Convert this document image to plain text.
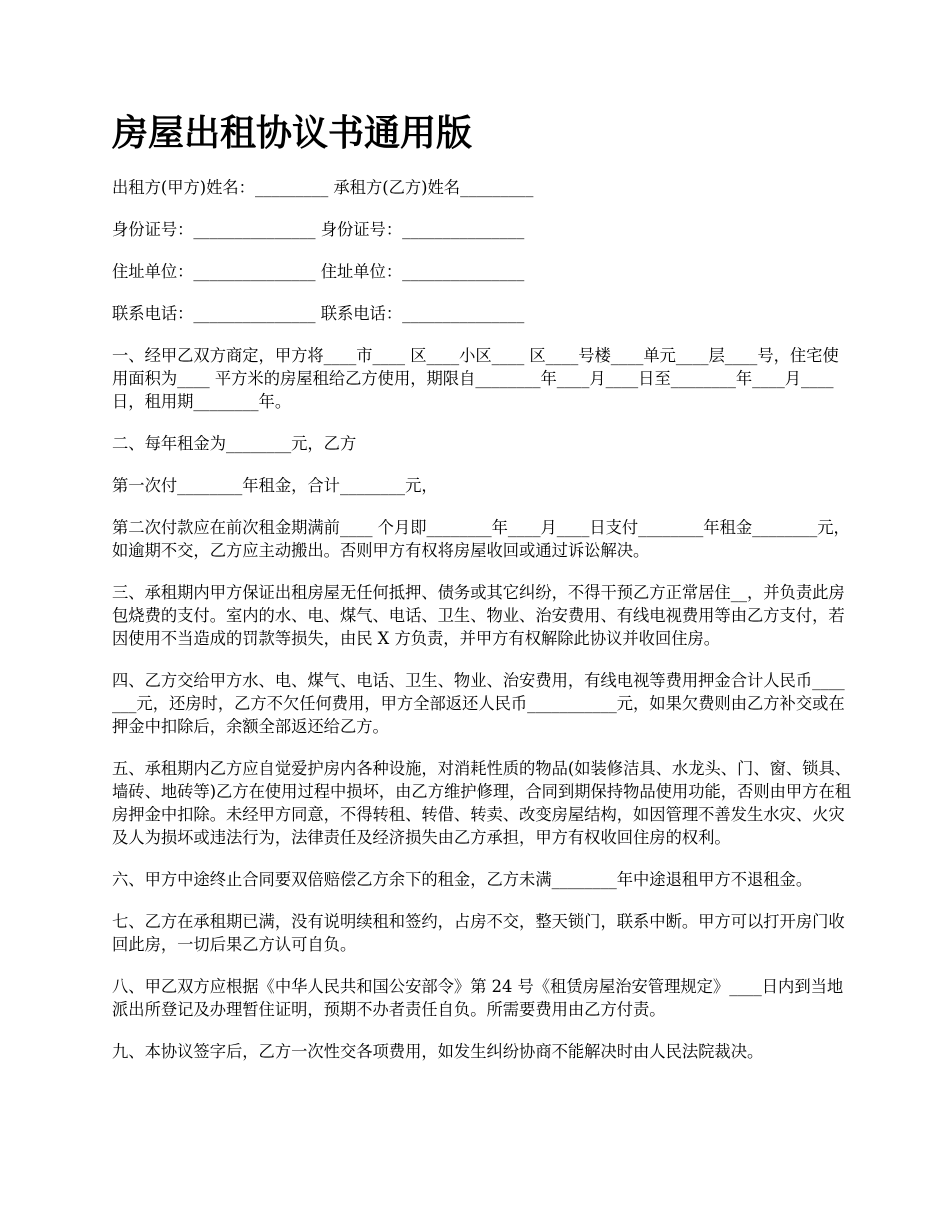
房屋出租协议书通用版

出租方(甲方)姓名：_________ 承租方(乙方)姓名_________

身份证号：_______________ 身份证号：_______________

住址单位：_______________ 住址单位：_______________

联系电话：_______________ 联系电话：_______________

一、经甲乙双方商定，甲方将____市____ 区____小区____ 区____号楼____单元____层____号，住宅使用面积为____ 平方米的房屋租给乙方使用，期限自________年____月____日至________年____月____日，租用期________年。

二、每年租金为________元，乙方

第一次付________年租金，合计________元，

第二次付款应在前次租金期满前____ 个月即________年____月____日支付________年租金________元，如逾期不交，乙方应主动搬出。否则甲方有权将房屋收回或通过诉讼解决。

三、承租期内甲方保证出租房屋无任何抵押、债务或其它纠纷，不得干预乙方正常居住__，并负责此房包烧费的支付。室内的水、电、煤气、电话、卫生、物业、治安费用、有线电视费用等由乙方支付，若因使用不当造成的罚款等损失，由民 X 方负责，并甲方有权解除此协议并收回住房。

四、乙方交给甲方水、电、煤气、电话、卫生、物业、治安费用，有线电视等费用押金合计人民币_______元，还房时，乙方不欠任何费用，甲方全部返还人民币___________元，如果欠费则由乙方补交或在押金中扣除后，余额全部返还给乙方。

五、承租期内乙方应自觉爱护房内各种设施，对消耗性质的物品(如装修洁具、水龙头、门、窗、锁具、墙砖、地砖等)乙方在使用过程中损坏，由乙方维护修理，合同到期保持物品使用功能，否则由甲方在租房押金中扣除。未经甲方同意，不得转租、转借、转卖、改变房屋结构，如因管理不善发生水灾、火灾及人为损坏或违法行为，法律责任及经济损失由乙方承担，甲方有权收回住房的权利。

六、甲方中途终止合同要双倍赔偿乙方余下的租金，乙方未满________年中途退租甲方不退租金。

七、乙方在承租期已满，没有说明续租和签约，占房不交，整天锁门，联系中断。甲方可以打开房门收回此房，一切后果乙方认可自负。

八、甲乙双方应根据《中华人民共和国公安部令》第 24 号《租赁房屋治安管理规定》____日内到当地派出所登记及办理暂住证明，预期不办者责任自负。所需要费用由乙方付责。

九、本协议签字后，乙方一次性交各项费用，如发生纠纷协商不能解决时由人民法院裁决。
